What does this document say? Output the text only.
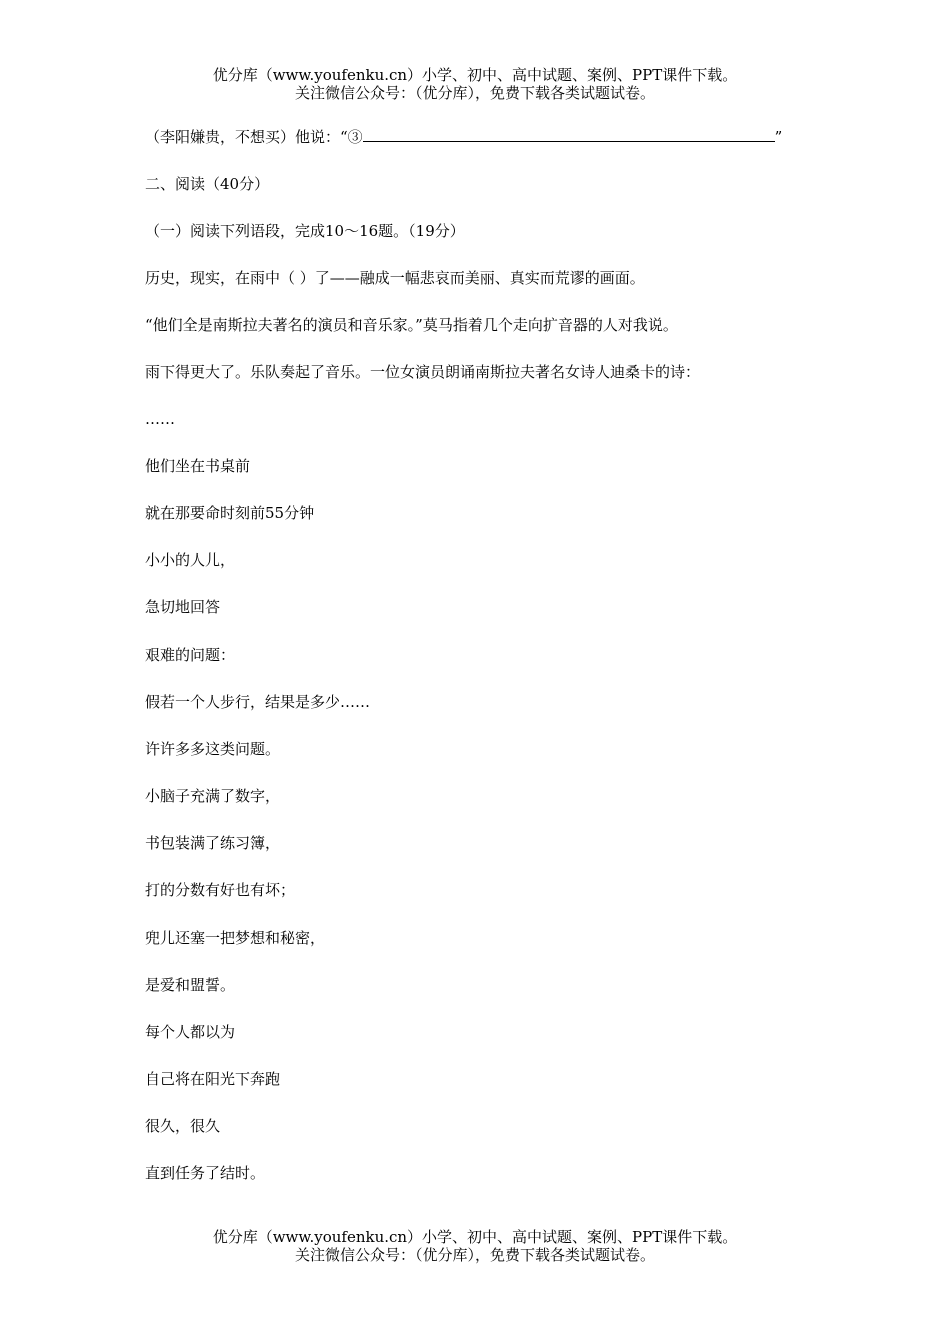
优分库（www.youfenku.cn）小学、初中、高中试题、案例、PPT课件下载。
关注微信公众号：（优分库），免费下载各类试题试卷。
（李阳嫌贵，不想买）他说：“③	”
二、阅读（40分）
（一）阅读下列语段，完成10～16题。（19分）
历史，现实，在雨中（ ）了——融成一幅悲哀而美丽、真实而荒谬的画面。
“他们全是南斯拉夫著名的演员和音乐家。”莫马指着几个走向扩音器的人对我说。
雨下得更大了。乐队奏起了音乐。一位女演员朗诵南斯拉夫著名女诗人迪桑卡的诗：
……
他们坐在书桌前
就在那要命时刻前55分钟
小小的人儿，
急切地回答
艰难的问题：
假若一个人步行，结果是多少……
许许多多这类问题。
小脑子充满了数字，
书包装满了练习簿，
打的分数有好也有坏；
兜儿还塞一把梦想和秘密，
是爱和盟誓。
每个人都以为
自己将在阳光下奔跑
很久，很久
直到任务了结时。
优分库（www.youfenku.cn）小学、初中、高中试题、案例、PPT课件下载。
关注微信公众号：（优分库），免费下载各类试题试卷。
